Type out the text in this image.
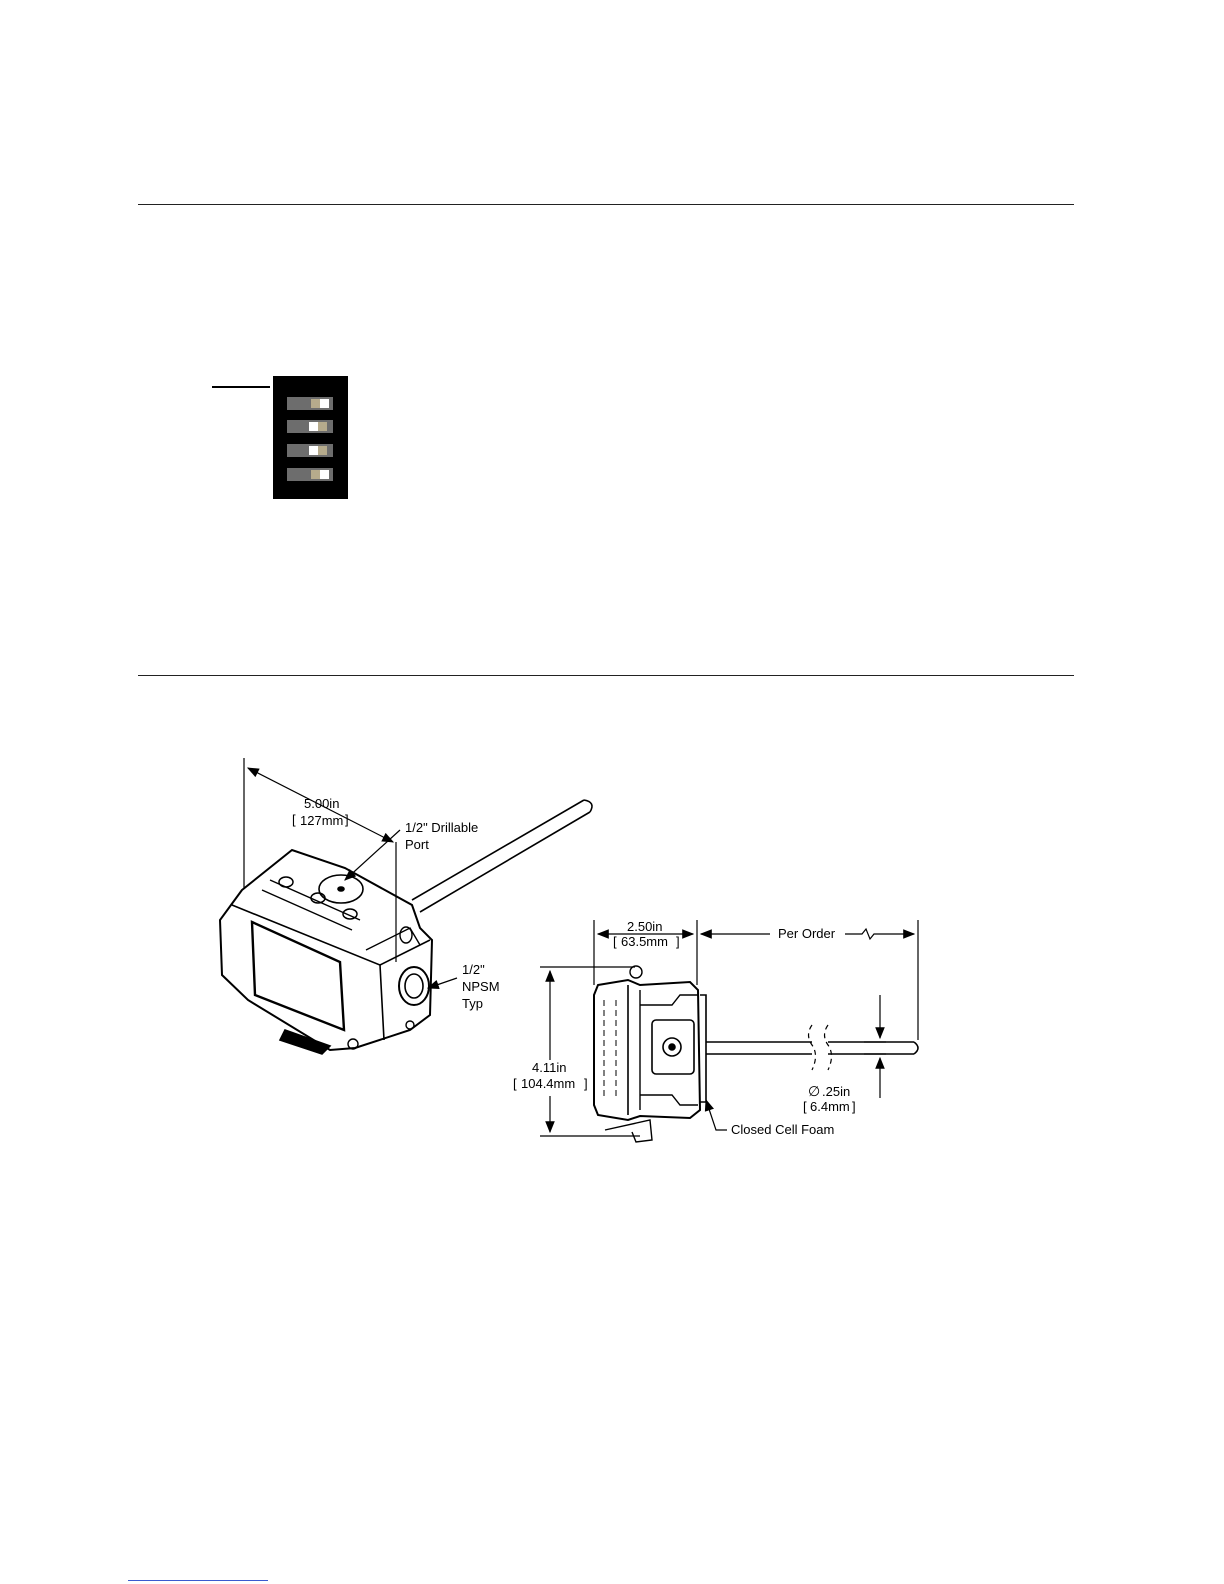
5.00in
[ 127mm ]
1/2" Drillable
Port
1/2"
NPSM
Typ
2.50in
[ 63.5mm ]
Per Order
4.11in
[ 104.4mm ]	∅ .25in
[ 6.4mm ]
Closed Cell Foam
